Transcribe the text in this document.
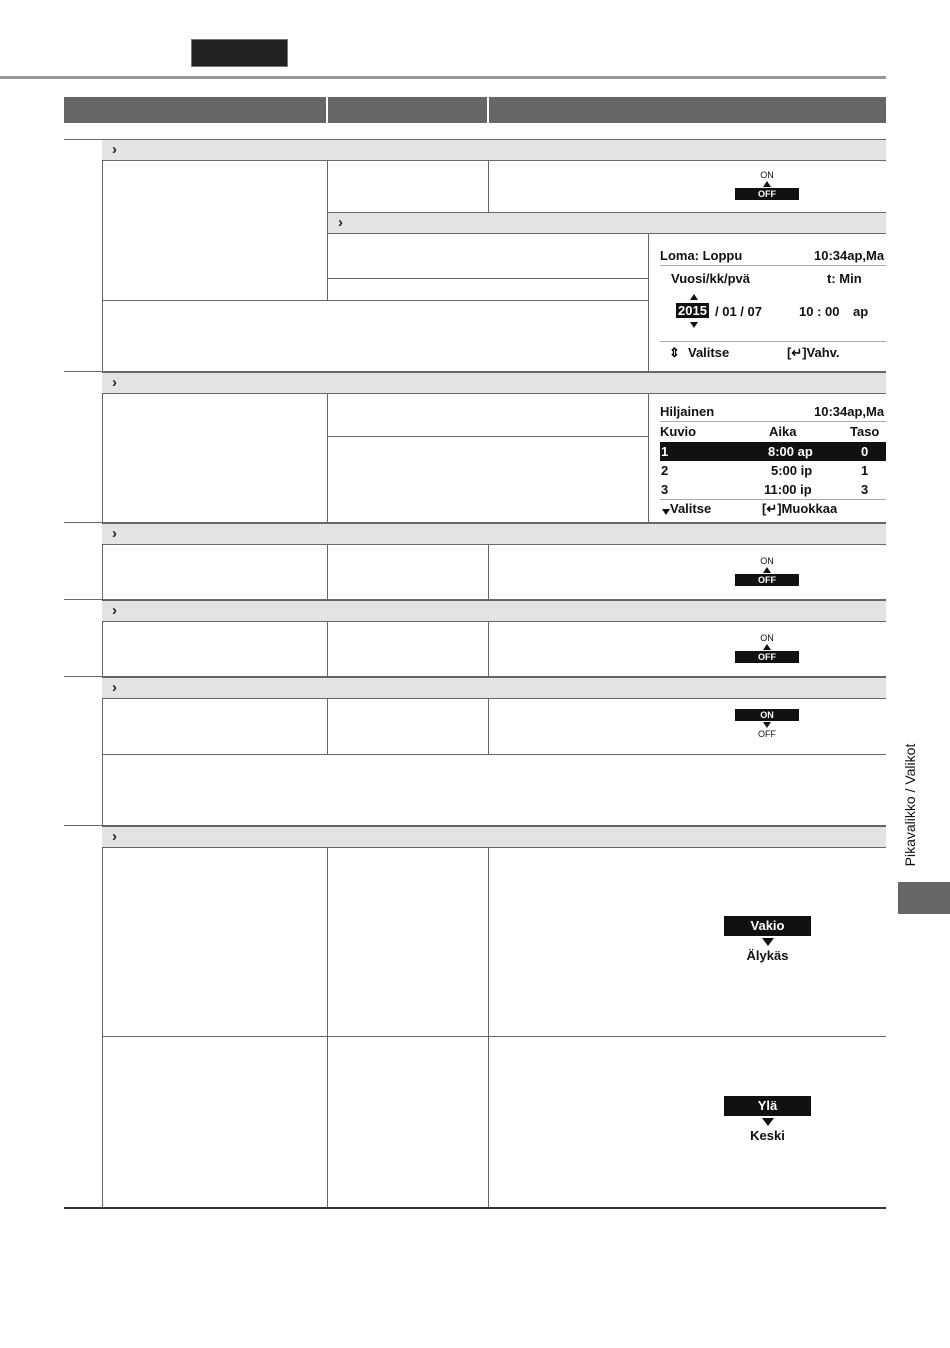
›
ON
OFF
›
Loma: Loppu	10:34ap,Ma
Vuosi/kk/pvä	t: Min
2015 / 01 / 07	10 : 00 ap
⇕ Valitse	[↵]Vahv.
›
Hiljainen	10:34ap,Ma
Kuvio	Aika	Taso
1	8:00 ap	0
2	5:00 ip	1
3	11:00 ip	3
Valitse	[↵]Muokkaa
›
ON
OFF
›
ON
OFF
›
ON
OFF
›
Vakio
Älykäs
Ylä
Keski
Pikavalikko / Valikot
